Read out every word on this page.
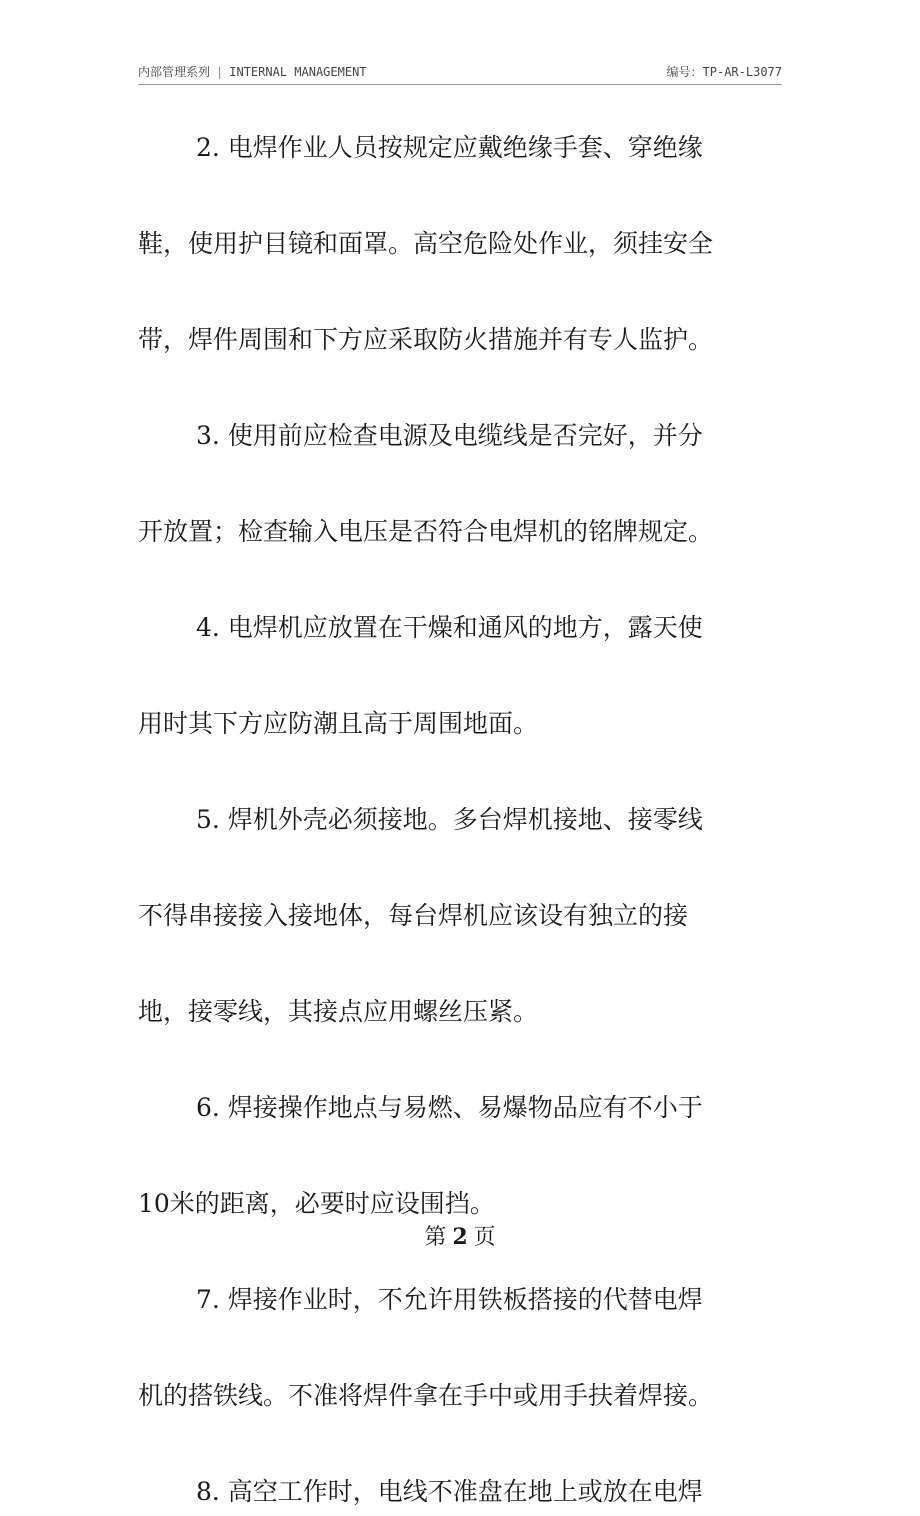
内部管理系列 | INTERNAL MANAGEMENT	编号：TP-AR-L3077
2. 电焊作业人员按规定应戴绝缘手套、穿绝缘
鞋，使用护目镜和面罩。高空危险处作业，须挂安全
带，焊件周围和下方应采取防火措施并有专人监护。
3. 使用前应检查电源及电缆线是否完好，并分
开放置；检查输入电压是否符合电焊机的铭牌规定。
4. 电焊机应放置在干燥和通风的地方，露天使
用时其下方应防潮且高于周围地面。
5. 焊机外壳必须接地。多台焊机接地、接零线
不得串接接入接地体，每台焊机应该设有独立的接
地，接零线，其接点应用螺丝压紧。
6. 焊接操作地点与易燃、易爆物品应有不小于
10米的距离，必要时应设围挡。
7. 焊接作业时，不允许用铁板搭接的代替电焊
机的搭铁线。不准将焊件拿在手中或用手扶着焊接。
8. 高空工作时，电线不准盘在地上或放在电焊
第 2 页
